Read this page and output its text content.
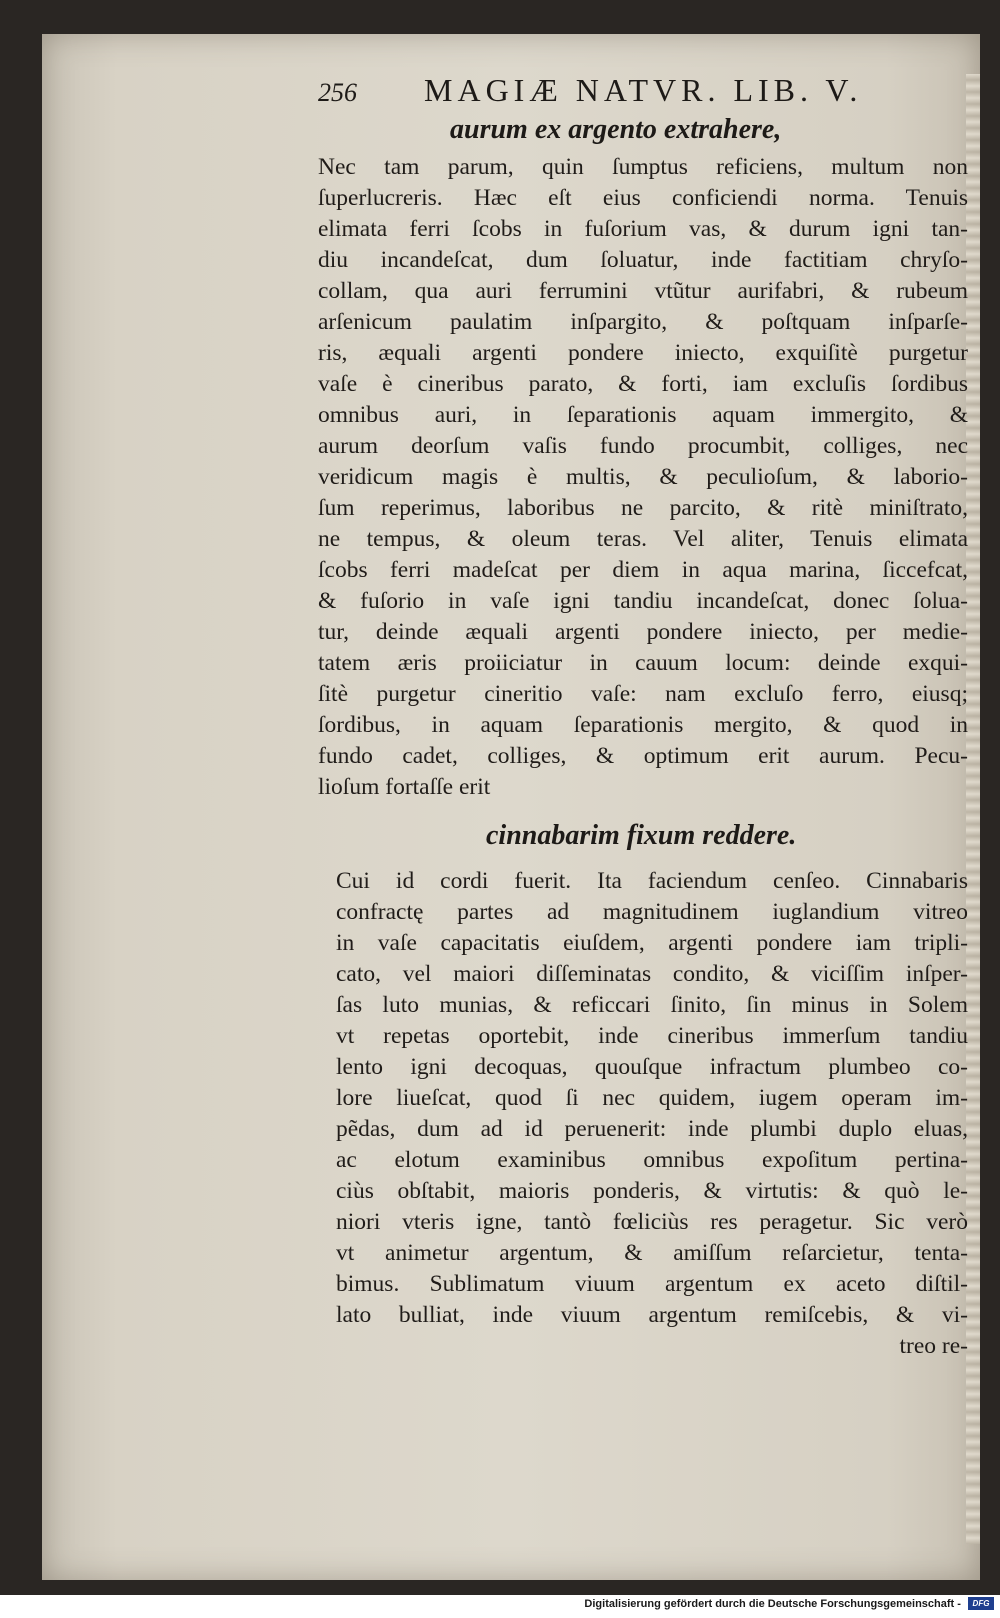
256 MAGIÆ NATVR. LIB. V.
aurum ex argento extrahere,
Nec tam parum, quin ſumptus reficiens, multum non
ſuperlucreris. Hæc eſt eius conficiendi norma. Tenuis
elimata ferri ſcobs in fuſorium vas, & durum igni tan-
diu incandeſcat, dum ſoluatur, inde factitiam chryſo-
collam, qua auri ferrumini vtũtur aurifabri, & rubeum
arſenicum paulatim inſpargito, & poſtquam inſparſe-
ris, æquali argenti pondere iniecto, exquiſitè purgetur
vaſe è cineribus parato, & forti, iam excluſis ſordibus
omnibus auri, in ſeparationis aquam immergito, &
aurum deorſum vaſis fundo procumbit, colliges, nec
veridicum magis è multis, & peculioſum, & laborio-
ſum reperimus, laboribus ne parcito, & ritè miniſtrato,
ne tempus, & oleum teras. Vel aliter, Tenuis elimata
ſcobs ferri madeſcat per diem in aqua marina, ſiccefcat,
& fuſorio in vaſe igni tandiu incandeſcat, donec ſolua-
tur, deinde æquali argenti pondere iniecto, per medie-
tatem æris proiiciatur in cauum locum: deinde exqui-
ſitè purgetur cineritio vaſe: nam excluſo ferro, eiusq;
ſordibus, in aquam ſeparationis mergito, & quod in
fundo cadet, colliges, & optimum erit aurum. Pecu-
lioſum fortaſſe erit
cinnabarim fixum reddere.
Cui id cordi fuerit. Ita faciendum cenſeo. Cinnabaris
confractę partes ad magnitudinem iuglandium vitreo
in vaſe capacitatis eiuſdem, argenti pondere iam tripli-
cato, vel maiori diſſeminatas condito, & viciſſim inſper-
ſas luto munias, & reficcari ſinito, ſin minus in Solem
vt repetas oportebit, inde cineribus immerſum tandiu
lento igni decoquas, quouſque infractum plumbeo co-
lore liueſcat, quod ſi nec quidem, iugem operam im-
pẽdas, dum ad id peruenerit: inde plumbi duplo eluas,
ac elotum examinibus omnibus expoſitum pertina-
ciùs obſtabit, maioris ponderis, & virtutis: & quò le-
niori vteris igne, tantò fœliciùs res peragetur. Sic verò
vt animetur argentum, & amiſſum reſarcietur, tenta-
bimus. Sublimatum viuum argentum ex aceto diſtil-
lato bulliat, inde viuum argentum remiſcebis, & vi-
treo re-
Digitalisierung gefördert durch die Deutsche Forschungsgemeinschaft - DFG
